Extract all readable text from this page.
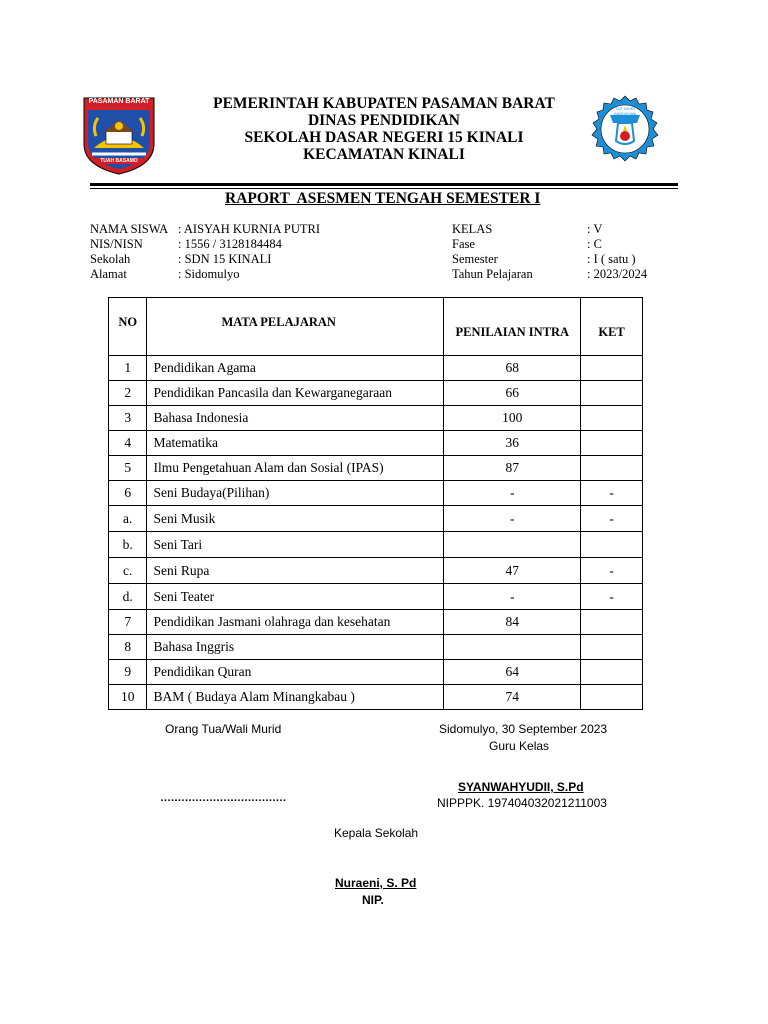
PASAMAN BARAT
TUAH BASAMO
TUT WURI HANDAYANI
PEMERINTAH KABUPATEN PASAMAN BARAT
DINAS PENDIDIKAN
SEKOLAH DASAR NEGERI 15 KINALI
KECAMATAN KINALI
RAPORT  ASESMEN TENGAH SEMESTER I
NAMA SISWA : AISYAH KURNIA PUTRI
NIS/NISN	: 1556 / 3128184484
Sekolah	: SDN 15 KINALI
Alamat	: Sidomulyo
KELAS	: V
Fase	: C
Semester	: I ( satu )
Tahun Pelajaran	: 2023/2024
NO	MATA PELAJARAN	PENILAIAN INTRA	KET
1	Pendidikan Agama	68	
2	Pendidikan Pancasila dan Kewarganegaraan	66	
3	Bahasa Indonesia	100	
4	Matematika	36	
5	Ilmu Pengetahuan Alam dan Sosial (IPAS)	87	
6	Seni Budaya(Pilihan)	-	-
a.	Seni Musik	-	-
b.	Seni Tari		
c.	Seni Rupa	47	-
d.	Seni Teater	-	-
7	Pendidikan Jasmani olahraga dan kesehatan	84	
8	Bahasa Inggris		
9	Pendidikan Quran	64	
10	BAM ( Budaya Alam Minangkabau )	74	
Orang Tua/Wali Murid
………………………………
Sidomulyo, 30 September 2023
Guru Kelas
SYANWAHYUDII, S.Pd
NIPPPK. 197404032021211003
Kepala Sekolah
Nuraeni, S. Pd
NIP.
